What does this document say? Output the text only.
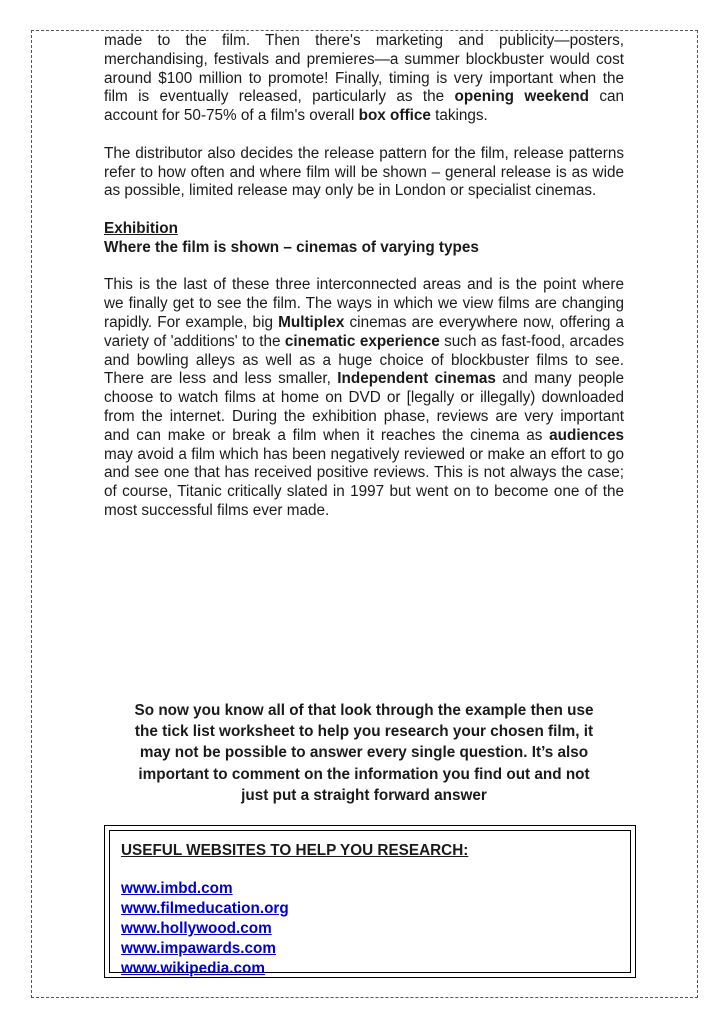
made to the film. Then there's marketing and publicity—posters, merchandising, festivals and premieres—a summer blockbuster would cost around $100 million to promote! Finally, timing is very important when the film is eventually released, particularly as the opening weekend can account for 50-75% of a film's overall box office takings.

The distributor also decides the release pattern for the film, release patterns refer to how often and where film will be shown – general release is as wide as possible, limited release may only be in London or specialist cinemas.

Exhibition

Where the film is shown – cinemas of varying types

This is the last of these three interconnected areas and is the point where we finally get to see the film. The ways in which we view films are changing rapidly. For example, big Multiplex cinemas are everywhere now, offering a variety of 'additions' to the cinematic experience such as fast-food, arcades and bowling alleys as well as a huge choice of blockbuster films to see. There are less and less smaller, Independent cinemas and many people choose to watch films at home on DVD or [legally or illegally) downloaded from the internet. During the exhibition phase, reviews are very important and can make or break a film when it reaches the cinema as audiences may avoid a film which has been negatively reviewed or make an effort to go and see one that has received positive reviews. This is not always the case; of course, Titanic critically slated in 1997 but went on to become one of the most successful films ever made.

So now you know all of that look through the example then use
the tick list worksheet to help you research your chosen film, it
may not be possible to answer every single question. It’s also
important to comment on the information you find out and not
just put a straight forward answer

USEFUL WEBSITES TO HELP YOU RESEARCH:

www.imbd.com
www.filmeducation.org
www.hollywood.com
www.impawards.com
www.wikipedia.com
